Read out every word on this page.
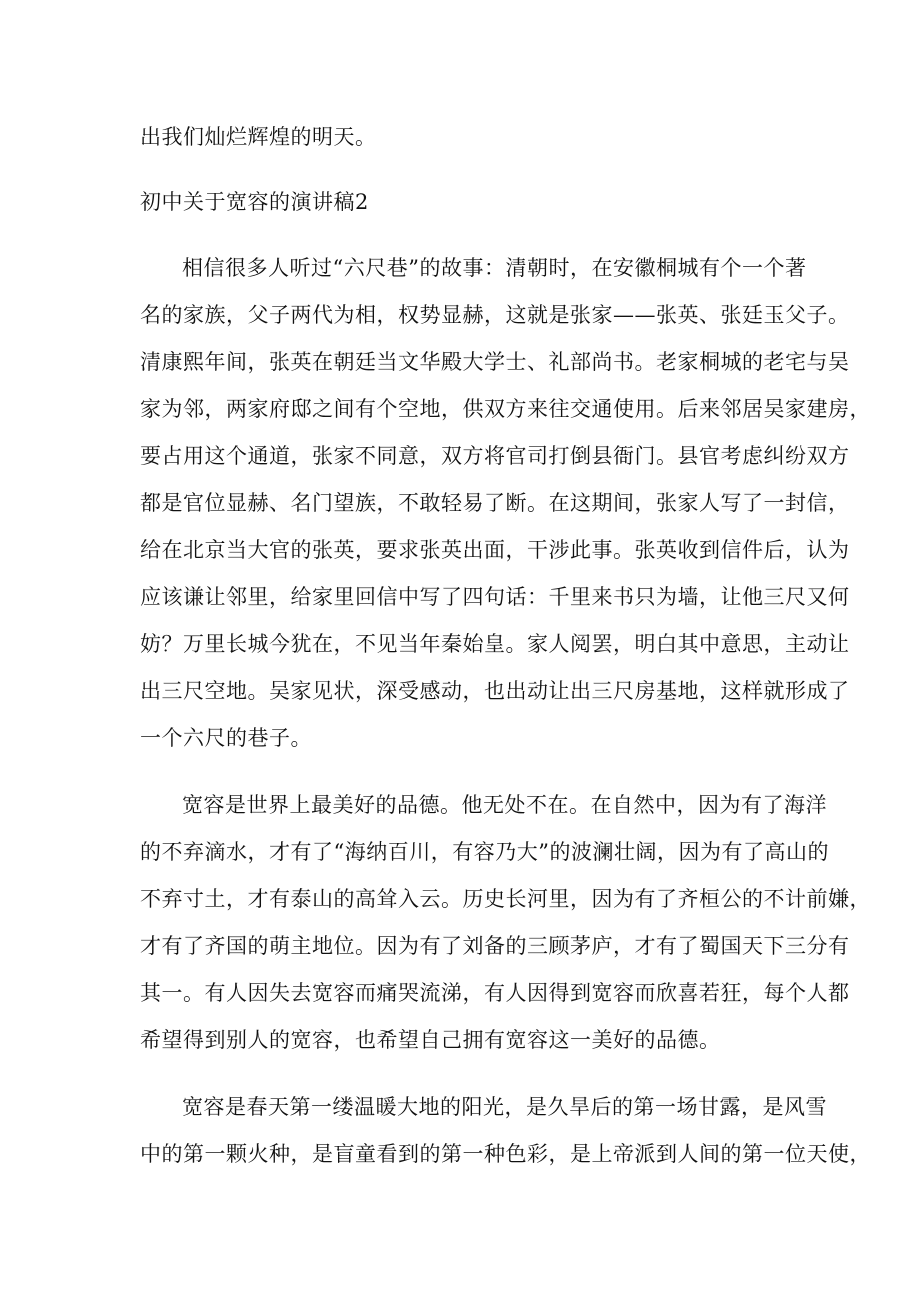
出我们灿烂辉煌的明天。
初中关于宽容的演讲稿2
相信很多人听过“六尺巷”的故事：清朝时，在安徽桐城有个一个著
名的家族，父子两代为相，权势显赫，这就是张家——张英、张廷玉父子。
清康熙年间，张英在朝廷当文华殿大学士、礼部尚书。老家桐城的老宅与吴
家为邻，两家府邸之间有个空地，供双方来往交通使用。后来邻居吴家建房，
要占用这个通道，张家不同意，双方将官司打倒县衙门。县官考虑纠纷双方
都是官位显赫、名门望族，不敢轻易了断。在这期间，张家人写了一封信，
给在北京当大官的张英，要求张英出面，干涉此事。张英收到信件后，认为
应该谦让邻里，给家里回信中写了四句话：千里来书只为墙，让他三尺又何
妨？万里长城今犹在，不见当年秦始皇。家人阅罢，明白其中意思，主动让
出三尺空地。吴家见状，深受感动，也出动让出三尺房基地，这样就形成了
一个六尺的巷子。
宽容是世界上最美好的品德。他无处不在。在自然中，因为有了海洋
的不弃滴水，才有了“海纳百川，有容乃大”的波澜壮阔，因为有了高山的
不弃寸土，才有泰山的高耸入云。历史长河里，因为有了齐桓公的不计前嫌，
才有了齐国的萌主地位。因为有了刘备的三顾茅庐，才有了蜀国天下三分有
其一。有人因失去宽容而痛哭流涕，有人因得到宽容而欣喜若狂，每个人都
希望得到别人的宽容，也希望自己拥有宽容这一美好的品德。
宽容是春天第一缕温暖大地的阳光，是久旱后的第一场甘露，是风雪
中的第一颗火种，是盲童看到的第一种色彩，是上帝派到人间的第一位天使，
